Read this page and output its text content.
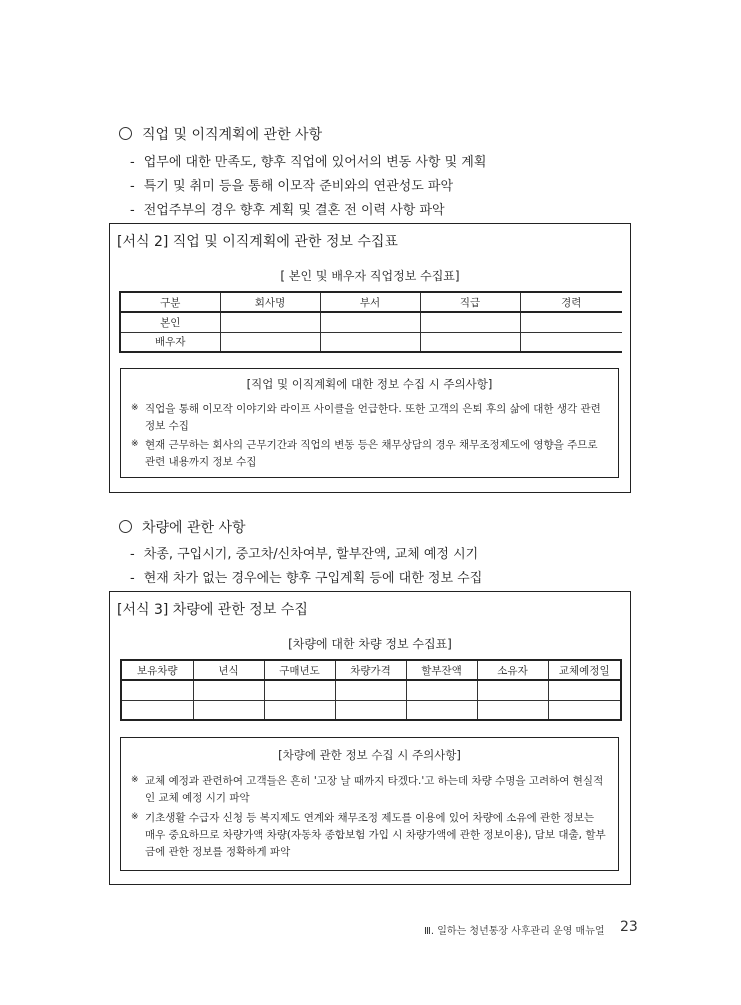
직업 및 이직계획에 관한 사항
- 업무에 대한 만족도, 향후 직업에 있어서의 변동 사항 및 계획
- 특기 및 취미 등을 통해 이모작 준비와의 연관성도 파악
- 전업주부의 경우 향후 계획 및 결혼 전 이력 사항 파악
[서식 2] 직업 및 이직계획에 관한 정보 수집표
[ 본인 및 배우자 직업정보 수집표]
구분	회사명	부서	직급	경력
본인				
배우자				
[직업 및 이직계획에 대한 정보 수집 시 주의사항]
※ 직업을 통해 이모작 이야기와 라이프 사이클을 언급한다. 또한 고객의 은퇴 후의 삶에 대한 생각 관련 정보 수집
※ 현재 근무하는 회사의 근무기간과 직업의 변동 등은 채무상담의 경우 채무조정제도에 영향을 주므로 관련 내용까지 정보 수집
차량에 관한 사항
- 차종, 구입시기, 중고차/신차여부, 할부잔액, 교체 예정 시기
- 현재 차가 없는 경우에는 향후 구입계획 등에 대한 정보 수집
[서식 3] 차량에 관한 정보 수집
[차량에 대한 차량 정보 수집표]
보유차량	년식	구매년도	차량가격	할부잔액	소유자	교체예정일

[차량에 관한 정보 수집 시 주의사항]
※ 교체 예정과 관련하여 고객들은 흔히 '고장 날 때까지 타겠다.'고 하는데 차량 수명을 고려하여 현실적인 교체 예정 시기 파악
※ 기초생활 수급자 신청 등 복지제도 연계와 채무조정 제도를 이용에 있어 차량에 소유에 관한 정보는 매우 중요하므로 차량가액 차량(자동차 종합보험 가입 시 차량가액에 관한 정보이용), 담보 대출, 할부금에 관한 정보를 정확하게 파악
Ⅲ. 일하는 청년통장 사후관리 운영 매뉴얼 23
